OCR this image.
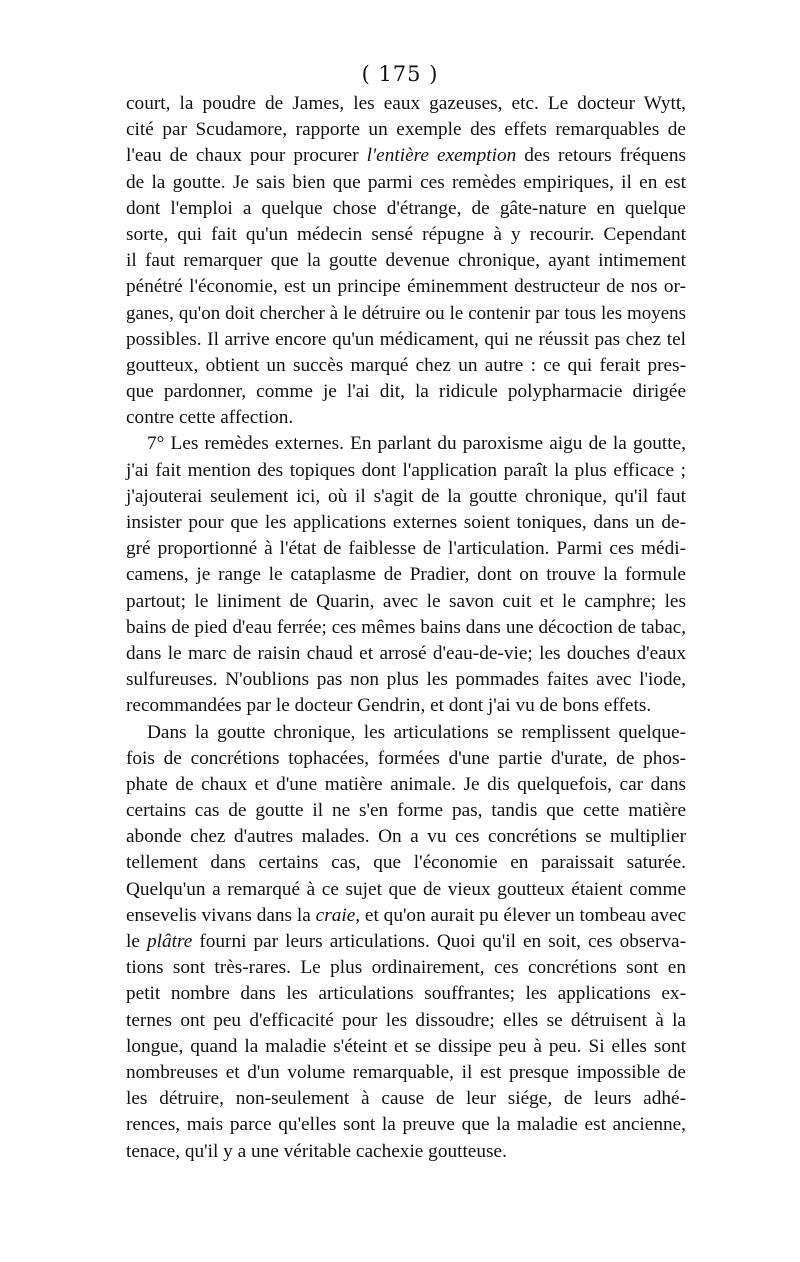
( 175 )
court, la poudre de James, les eaux gazeuses, etc. Le docteur Wytt,
cité par Scudamore, rapporte un exemple des effets remarquables de
l'eau de chaux pour procurer l'entière exemption des retours fréquens
de la goutte. Je sais bien que parmi ces remèdes empiriques, il en est
dont l'emploi a quelque chose d'étrange, de gâte-nature en quelque
sorte, qui fait qu'un médecin sensé répugne à y recourir. Cependant
il faut remarquer que la goutte devenue chronique, ayant intimement
pénétré l'économie, est un principe éminemment destructeur de nos or-
ganes, qu'on doit chercher à le détruire ou le contenir par tous les moyens
possibles. Il arrive encore qu'un médicament, qui ne réussit pas chez tel
goutteux, obtient un succès marqué chez un autre : ce qui ferait pres-
que pardonner, comme je l'ai dit, la ridicule polypharmacie dirigée
contre cette affection.
7° Les remèdes externes. En parlant du paroxisme aigu de la goutte,
j'ai fait mention des topiques dont l'application paraît la plus efficace ;
j'ajouterai seulement ici, où il s'agit de la goutte chronique, qu'il faut
insister pour que les applications externes soient toniques, dans un de-
gré proportionné à l'état de faiblesse de l'articulation. Parmi ces médi-
camens, je range le cataplasme de Pradier, dont on trouve la formule
partout; le liniment de Quarin, avec le savon cuit et le camphre; les
bains de pied d'eau ferrée; ces mêmes bains dans une décoction de tabac,
dans le marc de raisin chaud et arrosé d'eau-de-vie; les douches d'eaux
sulfureuses. N'oublions pas non plus les pommades faites avec l'iode,
recommandées par le docteur Gendrin, et dont j'ai vu de bons effets.
Dans la goutte chronique, les articulations se remplissent quelque-
fois de concrétions tophacées, formées d'une partie d'urate, de phos-
phate de chaux et d'une matière animale. Je dis quelquefois, car dans
certains cas de goutte il ne s'en forme pas, tandis que cette matière
abonde chez d'autres malades. On a vu ces concrétions se multiplier
tellement dans certains cas, que l'économie en paraissait saturée.
Quelqu'un a remarqué à ce sujet que de vieux goutteux étaient comme
ensevelis vivans dans la craie, et qu'on aurait pu élever un tombeau avec
le plâtre fourni par leurs articulations. Quoi qu'il en soit, ces observa-
tions sont très-rares. Le plus ordinairement, ces concrétions sont en
petit nombre dans les articulations souffrantes; les applications ex-
ternes ont peu d'efficacité pour les dissoudre; elles se détruisent à la
longue, quand la maladie s'éteint et se dissipe peu à peu. Si elles sont
nombreuses et d'un volume remarquable, il est presque impossible de
les détruire, non-seulement à cause de leur siége, de leurs adhé-
rences, mais parce qu'elles sont la preuve que la maladie est ancienne,
tenace, qu'il y a une véritable cachexie goutteuse.
